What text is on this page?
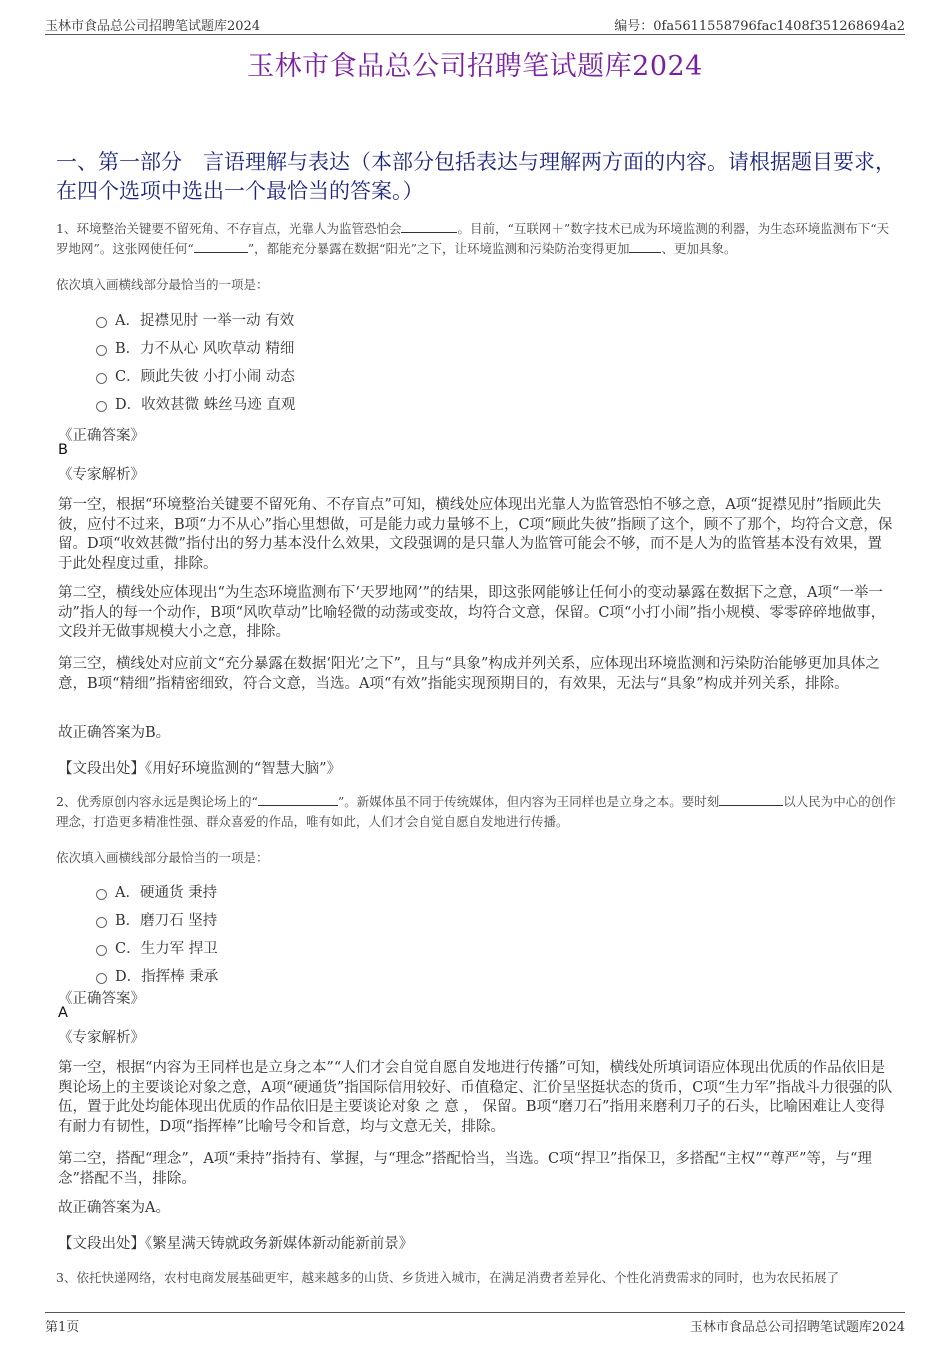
玉林市食品总公司招聘笔试题库2024	编号：0fa5611558796fac1408f351268694a2
玉林市食品总公司招聘笔试题库2024
一、第一部分　言语理解与表达（本部分包括表达与理解两方面的内容。请根据题目要求，在四个选项中选出一个最恰当的答案。）

1、环境整治关键要不留死角、不存盲点，光靠人为监管恐怕会	。目前，“互联网＋”数字技术已成为环境监测的利器，为生态环境监测布下“天罗地网”。这张网使任何“	”，都能充分暴露在数据“阳光”之下，让环境监测和污染防治变得更加	、更加具象。

依次填入画横线部分最恰当的一项是：

A． 捉襟见肘 一举一动 有效
B． 力不从心 风吹草动 精细
C． 顾此失彼 小打小闹 动态
D． 收效甚微 蛛丝马迹 直观

《正确答案》

B

《专家解析》

第一空，根据“环境整治关键要不留死角、不存盲点”可知，横线处应体现出光靠人为监管恐怕不够之意，A项“捉襟见肘”指顾此失彼，应付不过来，B项“力不从心”指心里想做，可是能力或力量够不上，C项“顾此失彼”指顾了这个，顾不了那个，均符合文意，保留。D项“收效甚微”指付出的努力基本没什么效果，文段强调的是只靠人为监管可能会不够，而不是人为的监管基本没有效果，置于此处程度过重，排除。

第二空，横线处应体现出“为生态环境监测布下‘天罗地网’”的结果，即这张网能够让任何小的变动暴露在数据下之意，A项“一举一动”指人的每一个动作，B项“风吹草动”比喻轻微的动荡或变故，均符合文意，保留。C项“小打小闹”指小规模、零零碎碎地做事，文段并无做事规模大小之意，排除。

第三空，横线处对应前文“充分暴露在数据‘阳光’之下”，且与“具象”构成并列关系，应体现出环境监测和污染防治能够更加具体之意，B项“精细”指精密细致，符合文意，当选。A项“有效”指能实现预期目的，有效果，无法与“具象”构成并列关系，排除。

故正确答案为B。

【文段出处】《用好环境监测的“智慧大脑”》

2、优秀原创内容永远是舆论场上的“	”。新媒体虽不同于传统媒体，但内容为王同样也是立身之本。要时刻	以人民为中心的创作理念，打造更多精准性强、群众喜爱的作品，唯有如此，人们才会自觉自愿自发地进行传播。

依次填入画横线部分最恰当的一项是：

A． 硬通货 秉持
B． 磨刀石 坚持
C． 生力军 捍卫
D． 指挥棒 秉承

《正确答案》

A

《专家解析》

第一空，根据“内容为王同样也是立身之本”“人们才会自觉自愿自发地进行传播”可知，横线处所填词语应体现出优质的作品依旧是舆论场上的主要谈论对象之意，A项“硬通货”指国际信用较好、币值稳定、汇价呈坚挺状态的货币，C项“生力军”指战斗力很强的队伍，置于此处均能体现出优质的作品依旧是主要谈论对象 之 意 ， 保留。B项“磨刀石”指用来磨利刀子的石头，比喻困难让人变得有耐力有韧性，D项“指挥棒”比喻号令和旨意，均与文意无关，排除。

第二空，搭配“理念”，A项“秉持”指持有、掌握，与“理念”搭配恰当，当选。C项“捍卫”指保卫，多搭配“主权”“尊严”等，与“理念”搭配不当，排除。

故正确答案为A。

【文段出处】《繁星满天铸就政务新媒体新动能新前景》

3、依托快递网络，农村电商发展基础更牢，越来越多的山货、乡货进入城市，在满足消费者差异化、个性化消费需求的同时，也为农民拓展了

第1页	玉林市食品总公司招聘笔试题库2024
